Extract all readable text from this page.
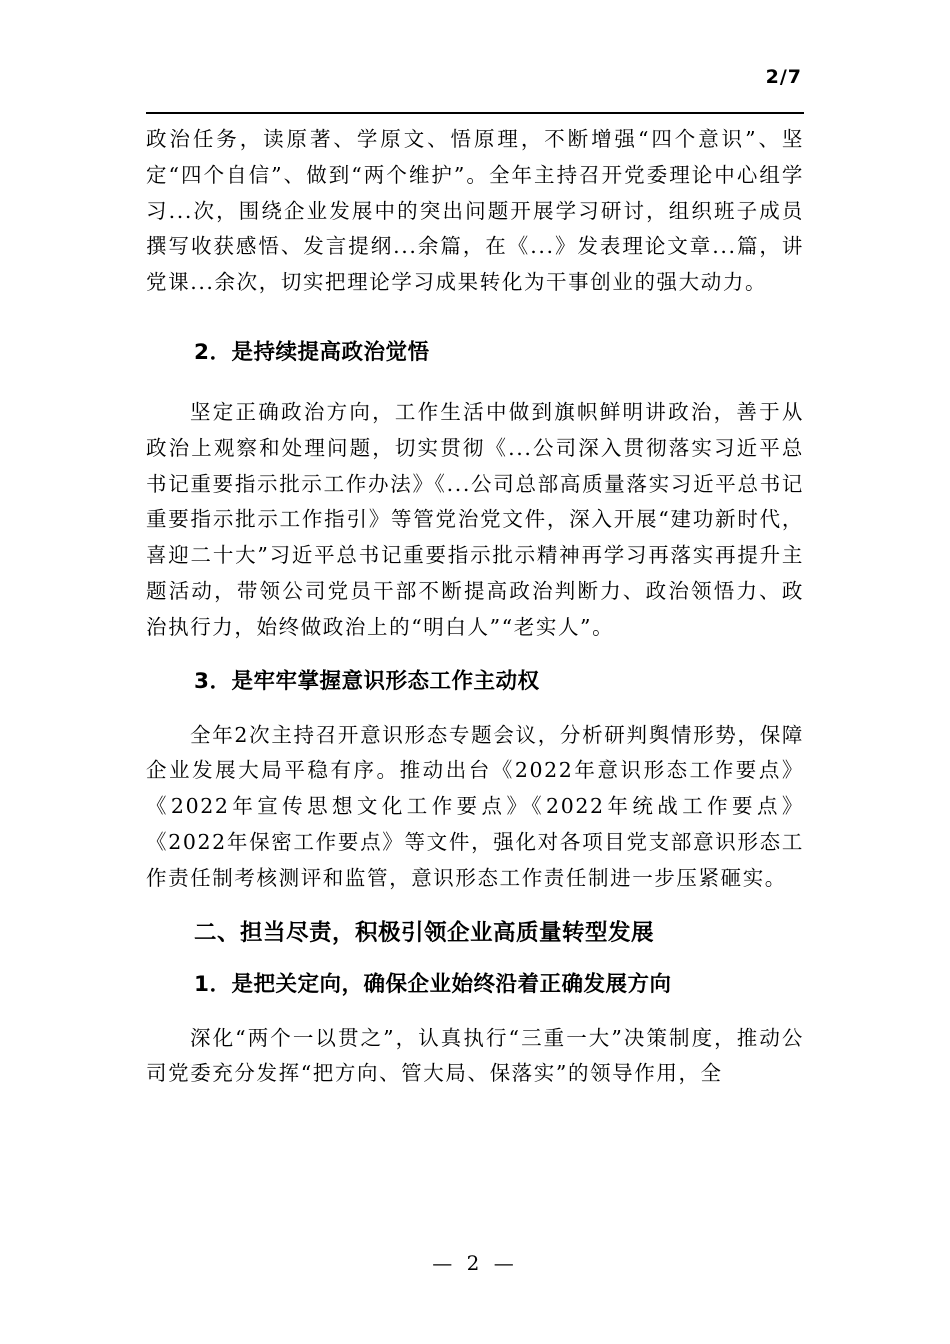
2/7

政治任务，读原著、学原文、悟原理，不断增强“四个意识”、坚定“四个自信”、做到“两个维护”。全年主持召开党委理论中心组学习...次，围绕企业发展中的突出问题开展学习研讨，组织班子成员撰写收获感悟、发言提纲...余篇，在《...》发表理论文章...篇，讲党课...余次，切实把理论学习成果转化为干事创业的强大动力。

2．是持续提高政治觉悟

坚定正确政治方向，工作生活中做到旗帜鲜明讲政治，善于从政治上观察和处理问题，切实贯彻《...公司深入贯彻落实习近平总书记重要指示批示工作办法》《...公司总部高质量落实习近平总书记重要指示批示工作指引》等管党治党文件，深入开展“建功新时代，喜迎二十大”习近平总书记重要指示批示精神再学习再落实再提升主题活动，带领公司党员干部不断提高政治判断力、政治领悟力、政治执行力，始终做政治上的“明白人”“老实人”。

3．是牢牢掌握意识形态工作主动权

全年2次主持召开意识形态专题会议，分析研判舆情形势，保障企业发展大局平稳有序。推动出台《2022年意识形态工作要点》《2022年宣传思想文化工作要点》《2022年统战工作要点》《2022年保密工作要点》等文件，强化对各项目党支部意识形态工作责任制考核测评和监管，意识形态工作责任制进一步压紧砸实。

二、担当尽责，积极引领企业高质量转型发展
1．是把关定向，确保企业始终沿着正确发展方向

深化“两个一以贯之”，认真执行“三重一大”决策制度，推动公司党委充分发挥“把方向、管大局、保落实”的领导作用，全

— 2 —
